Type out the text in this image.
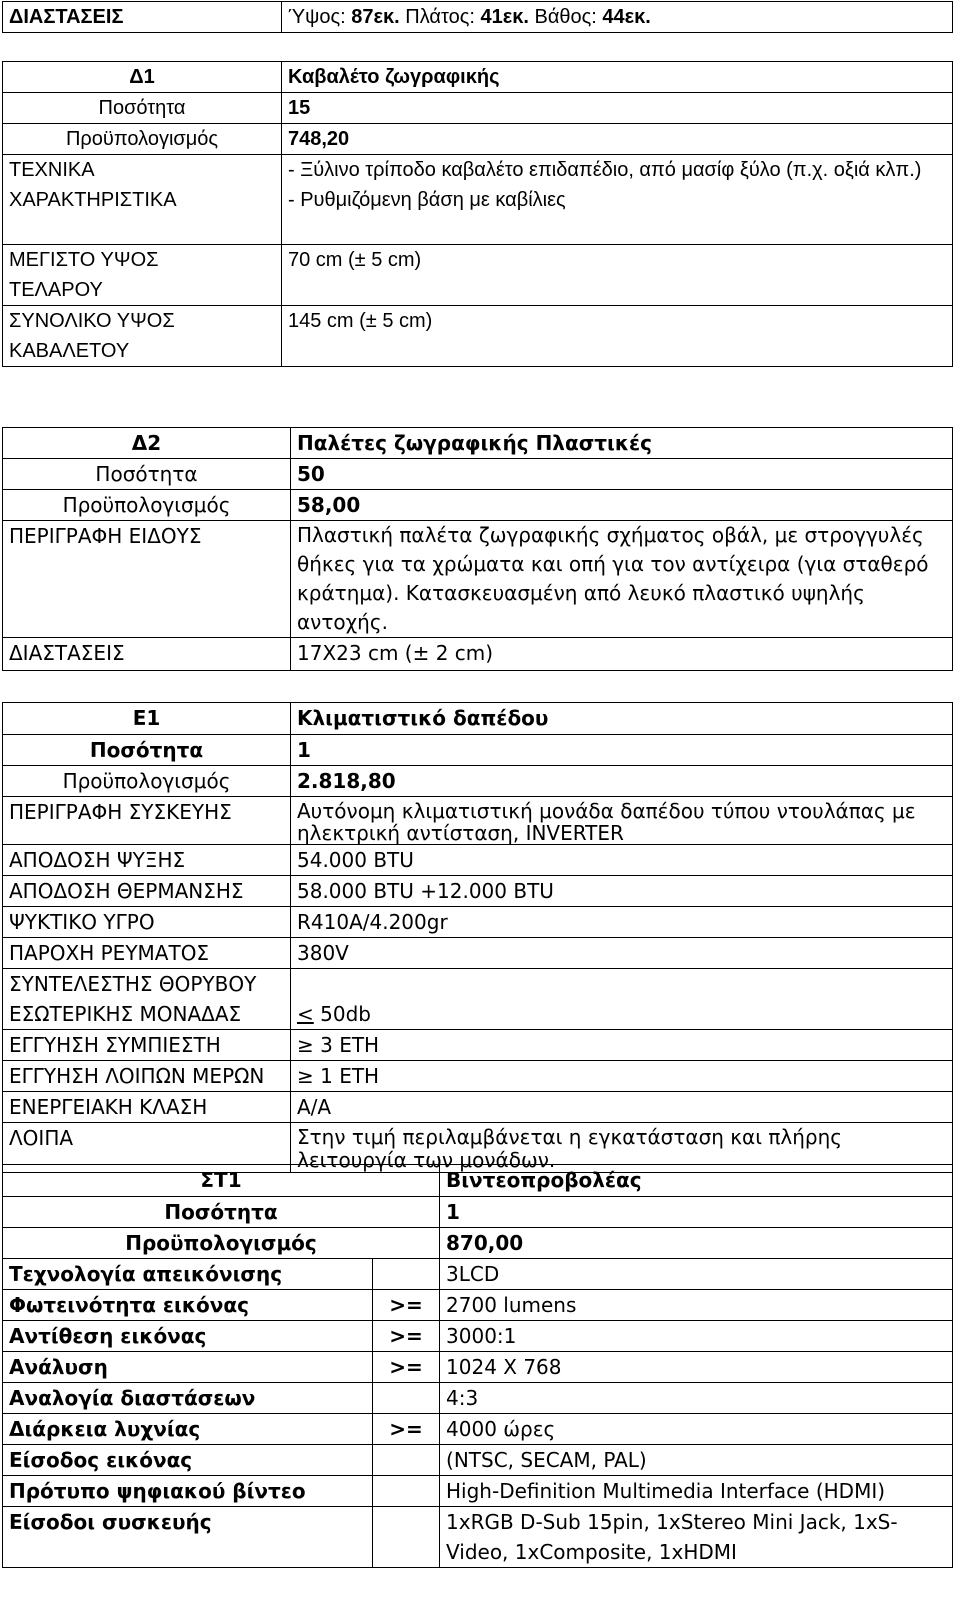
ΔΙΑΣΤΑΣΕΙΣ	Ύψος: 87εκ. Πλάτος: 41εκ. Βάθος: 44εκ.
Δ1	Καβαλέτο ζωγραφικής
Ποσότητα	15
Προϋπολογισμός	748,20
ΤΕΧΝΙΚΑ
ΧΑΡΑΚΤΗΡΙΣΤΙΚΑ	- Ξύλινο τρίποδο καβαλέτο επιδαπέδιο, από μασίφ ξύλο (π.χ. οξιά κλπ.)
- Ρυθμιζόμενη βάση με καβίλιες
ΜΕΓΙΣΤΟ ΥΨΟΣ
ΤΕΛΑΡΟΥ	70 cm (± 5 cm)
ΣΥΝΟΛΙΚΟ ΥΨΟΣ
ΚΑΒΑΛΕΤΟΥ	145 cm (± 5 cm)
Δ2	Παλέτες ζωγραφικής Πλαστικές
Ποσότητα	50
Προϋπολογισμός	58,00
ΠΕΡΙΓΡΑΦΗ ΕΙΔΟΥΣ	Πλαστική παλέτα ζωγραφικής σχήματος οβάλ, με στρογγυλές θήκες για τα χρώματα και οπή για τον αντίχειρα (για σταθερό κράτημα). Κατασκευασμένη από λευκό πλαστικό υψηλής αντοχής.
ΔΙΑΣΤΑΣΕΙΣ	17Χ23 cm (± 2 cm)
Ε1	Κλιματιστικό δαπέδου
Ποσότητα	1
Προϋπολογισμός	2.818,80
ΠΕΡΙΓΡΑΦΗ ΣΥΣΚΕΥΗΣ	Αυτόνομη κλιματιστική μονάδα δαπέδου τύπου ντουλάπας με ηλεκτρική αντίσταση, INVERTER
ΑΠΟΔΟΣΗ ΨΥΞΗΣ	54.000 BTU
ΑΠΟΔΟΣΗ ΘΕΡΜΑΝΣΗΣ	58.000 BTU +12.000 BTU
ΨΥΚΤΙΚΟ ΥΓΡΟ	R410A/4.200gr
ΠΑΡΟΧΗ ΡΕΥΜΑΤΟΣ	380V
ΣΥΝΤΕΛΕΣΤΗΣ ΘΟΡΥΒΟΥ
ΕΣΩΤΕΡΙΚΗΣ ΜΟΝΑΔΑΣ	≤ 50db
ΕΓΓΥΗΣΗ ΣΥΜΠΙΕΣΤΗ	≥ 3 ΕΤΗ
ΕΓΓΥΗΣΗ ΛΟΙΠΩΝ ΜΕΡΩΝ	≥ 1 ΕΤΗ
ΕΝΕΡΓΕΙΑΚΗ ΚΛΑΣΗ	Α/Α
ΛΟΙΠΑ	Στην τιμή περιλαμβάνεται η εγκατάσταση και πλήρης λειτουργία των μονάδων.
ΣΤ1		Βιντεοπροβολέας
Ποσότητα		1
Προϋπολογισμός		870,00
Τεχνολογία απεικόνισης		3LCD
Φωτεινότητα εικόνας	>=	2700 lumens
Αντίθεση εικόνας	>=	3000:1
Ανάλυση	>=	1024 X 768
Αναλογία διαστάσεων		4:3
Διάρκεια λυχνίας	>=	4000 ώρες
Είσοδος εικόνας		(NTSC, SECAM, PAL)
Πρότυπο ψηφιακού βίντεο		High-Definition Multimedia Interface (HDMI)
Είσοδοι συσκευής		1xRGB D-Sub 15pin, 1xStereo Mini Jack, 1xS-Video, 1xComposite, 1xHDMI
